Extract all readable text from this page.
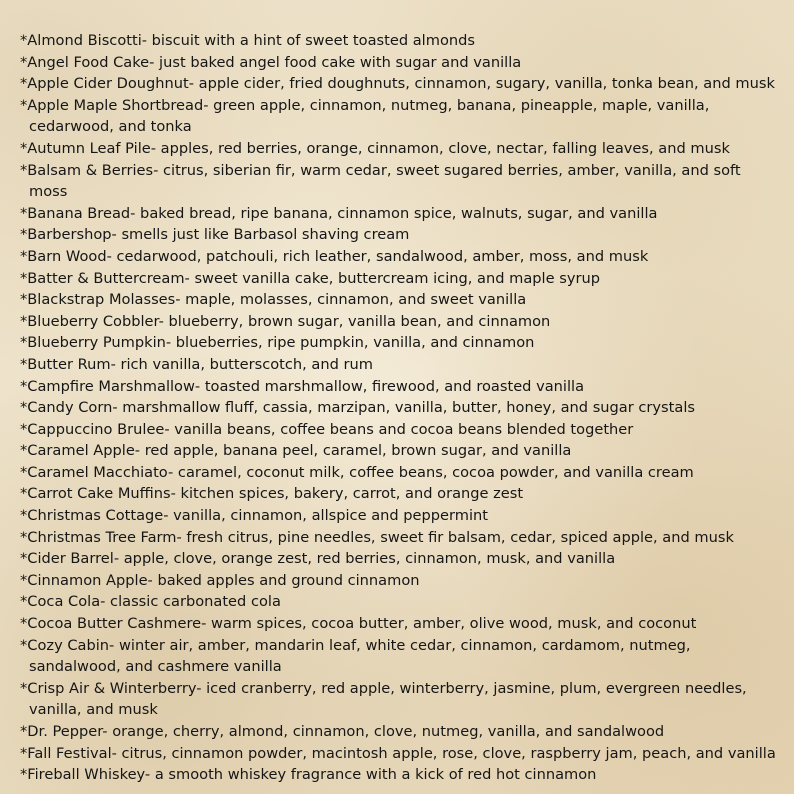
*Almond Biscotti- biscuit with a hint of sweet toasted almonds
*Angel Food Cake- just baked angel food cake with sugar and vanilla
*Apple Cider Doughnut- apple cider, fried doughnuts, cinnamon, sugary, vanilla, tonka bean, and musk
*Apple Maple Shortbread- green apple, cinnamon, nutmeg, banana, pineapple, maple, vanilla, cedarwood, and tonka
*Autumn Leaf Pile- apples, red berries, orange, cinnamon, clove, nectar, falling leaves, and musk
*Balsam & Berries- citrus, siberian fir, warm cedar, sweet sugared berries, amber, vanilla, and soft moss
*Banana Bread- baked bread, ripe banana, cinnamon spice, walnuts, sugar, and vanilla
*Barbershop- smells just like Barbasol shaving cream
*Barn Wood- cedarwood, patchouli, rich leather, sandalwood, amber, moss, and musk
*Batter & Buttercream- sweet vanilla cake, buttercream icing, and maple syrup
*Blackstrap Molasses- maple, molasses, cinnamon, and sweet vanilla
*Blueberry Cobbler- blueberry, brown sugar, vanilla bean, and cinnamon
*Blueberry Pumpkin- blueberries, ripe pumpkin, vanilla, and cinnamon
*Butter Rum- rich vanilla, butterscotch, and rum
*Campfire Marshmallow- toasted marshmallow, firewood, and roasted vanilla
*Candy Corn- marshmallow fluff, cassia, marzipan, vanilla, butter, honey, and sugar crystals
*Cappuccino Brulee- vanilla beans, coffee beans and cocoa beans blended together
*Caramel Apple- red apple, banana peel, caramel, brown sugar, and vanilla
*Caramel Macchiato- caramel, coconut milk, coffee beans, cocoa powder, and vanilla cream
*Carrot Cake Muffins- kitchen spices, bakery, carrot, and orange zest
*Christmas Cottage- vanilla, cinnamon, allspice and peppermint
*Christmas Tree Farm- fresh citrus, pine needles, sweet fir balsam, cedar, spiced apple, and musk
*Cider Barrel- apple, clove, orange zest, red berries, cinnamon, musk, and vanilla
*Cinnamon Apple- baked apples and ground cinnamon
*Coca Cola- classic carbonated cola
*Cocoa Butter Cashmere- warm spices, cocoa butter, amber, olive wood, musk, and coconut
*Cozy Cabin- winter air, amber, mandarin leaf, white cedar, cinnamon, cardamom, nutmeg, sandalwood, and cashmere vanilla
*Crisp Air & Winterberry- iced cranberry, red apple, winterberry, jasmine, plum, evergreen needles, vanilla, and musk
*Dr. Pepper- orange, cherry, almond, cinnamon, clove, nutmeg, vanilla, and sandalwood
*Fall Festival- citrus, cinnamon powder, macintosh apple, rose, clove, raspberry jam, peach, and vanilla
*Fireball Whiskey- a smooth whiskey fragrance with a kick of red hot cinnamon
